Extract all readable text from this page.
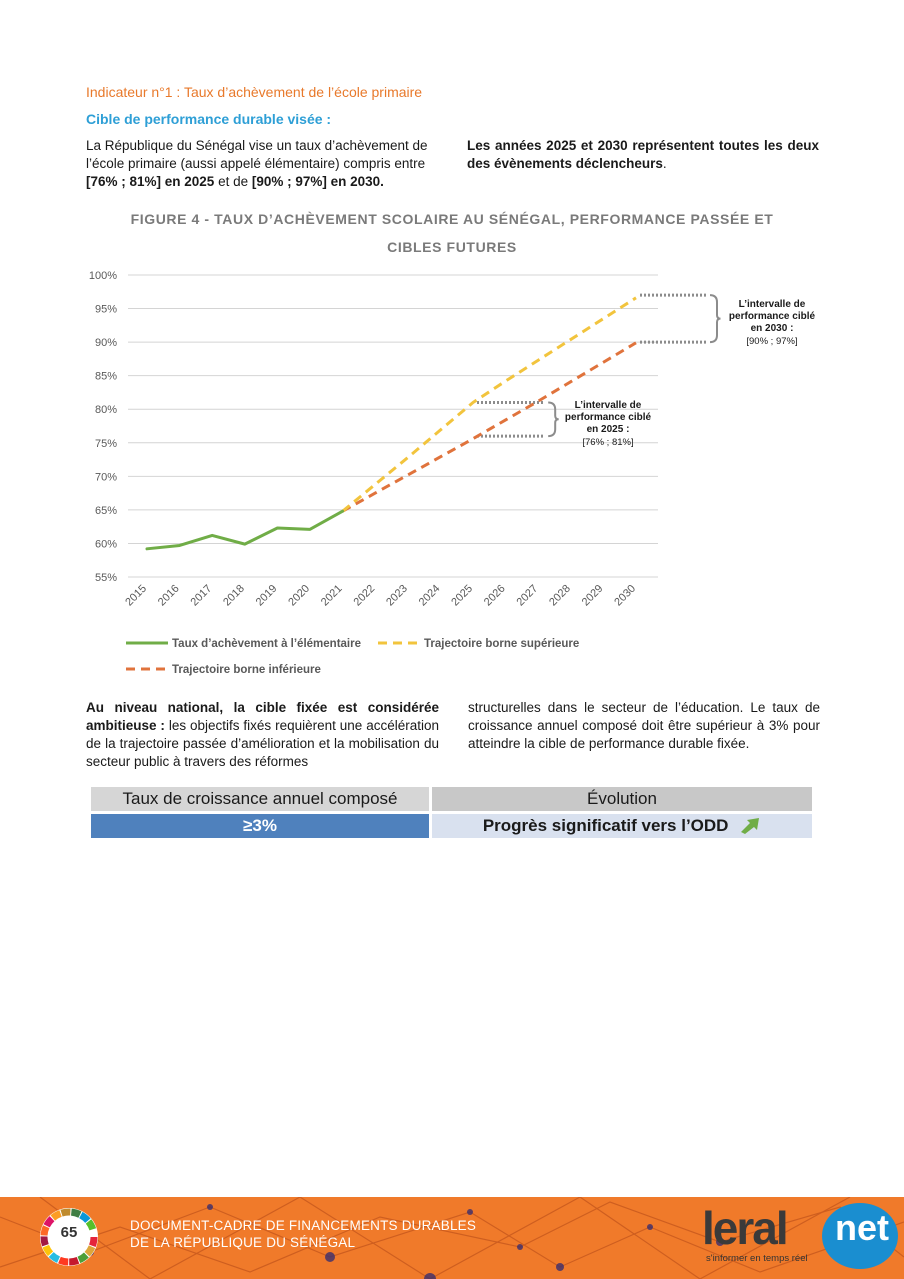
Indicateur n°1 : Taux d’achèvement de l’école primaire
Cible de performance durable visée :
La République du Sénégal vise un taux d’achèvement de l’école primaire (aussi appelé élémentaire) compris entre [76% ; 81%] en 2025 et de [90% ; 97%] en 2030.
Les années 2025 et 2030 représentent toutes les deux des évènements déclencheurs.
FIGURE 4 - TAUX D’ACHÈVEMENT SCOLAIRE AU SÉNÉGAL, PERFORMANCE PASSÉE ET
CIBLES FUTURES
55%
60%
65%
70%
75%
80%
85%
90%
95%
100%
2015 2016 2017 2018 2019 2020 2021 2022 2023 2024 2025 2026 2027 2028 2029 2030
L’intervalle de
performance ciblé
en 2025 :
[76% ; 81%]
L’intervalle de
performance ciblé
en 2030 :
[90% ; 97%]
Taux d’achèvement à l’élémentaire	Trajectoire borne supérieure
Trajectoire borne inférieure
Au niveau national, la cible fixée est considérée ambitieuse : les objectifs fixés requièrent une accélération de la trajectoire passée d’amélioration et la mobilisation du secteur public à travers des réformes
structurelles dans le secteur de l’éducation. Le taux de croissance annuel composé doit être supérieur à 3% pour atteindre la cible de performance durable fixée.
Taux de croissance annuel composé	Évolution
≥3%	Progrès significatif vers l’ODD
65	DOCUMENT-CADRE DE FINANCEMENTS DURABLES
DE LA RÉPUBLIQUE DU SÉNÉGAL	leral net
s'informer en temps réel
